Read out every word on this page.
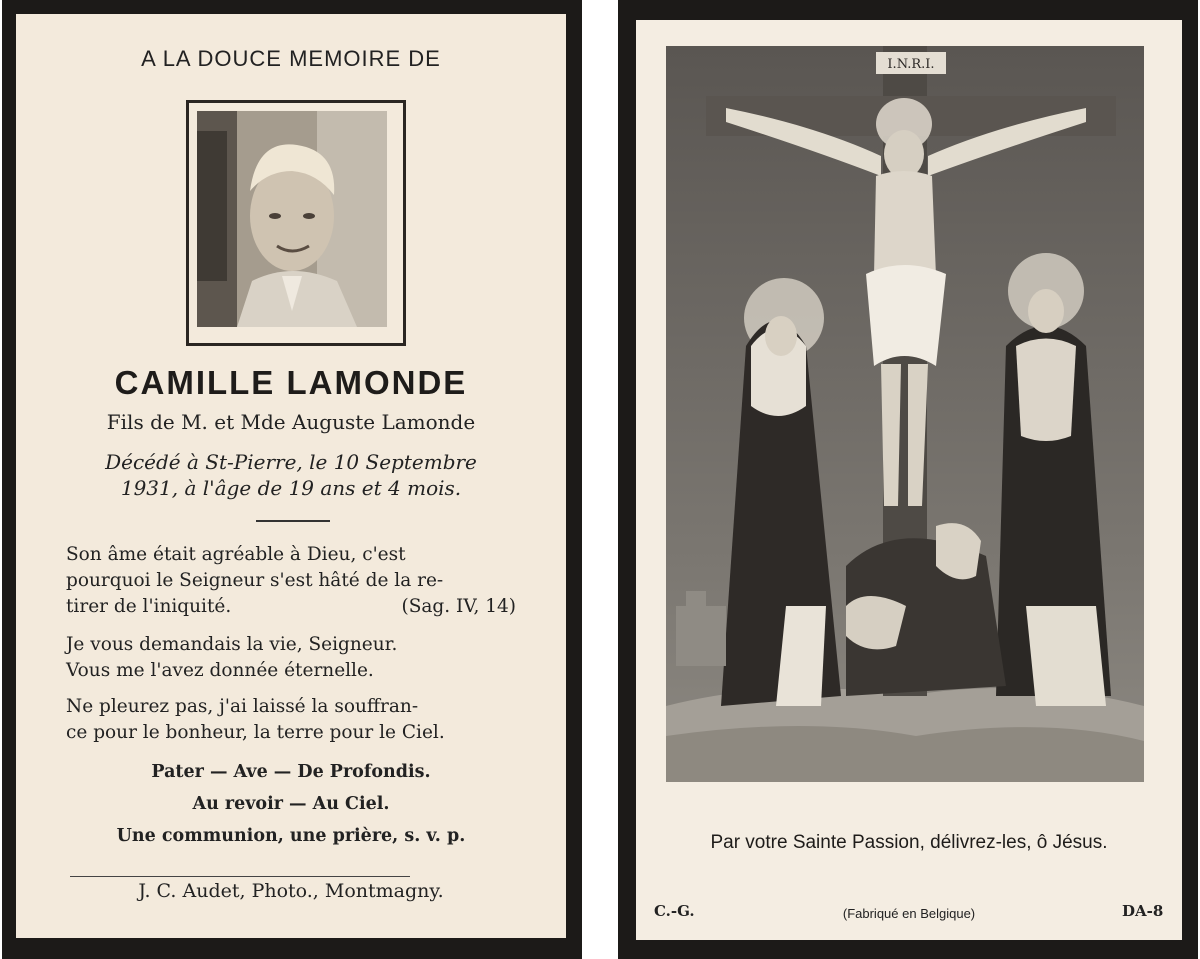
A LA DOUCE MEMOIRE DE
CAMILLE LAMONDE
Fils de M. et Mde Auguste Lamonde
Décédé à St-Pierre, le 10 Septembre
1931, à l'âge de 19 ans et 4 mois.
Son âme était agréable à Dieu, c'est
pourquoi le Seigneur s'est hâté de la re-
tirer de l'iniquité.	(Sag. IV, 14)
Je vous demandais la vie, Seigneur.
Vous me l'avez donnée éternelle.
Ne pleurez pas, j'ai laissé la souffran-
ce pour le bonheur, la terre pour le Ciel.
Pater — Ave — De Profondis.
Au revoir — Au Ciel.
Une communion, une prière, s. v. p.
J. C. Audet, Photo., Montmagny.
I.N.R.I.
Par votre Sainte Passion, délivrez-les, ô Jésus.
C.-G.	(Fabriqué en Belgique)	DA-8
